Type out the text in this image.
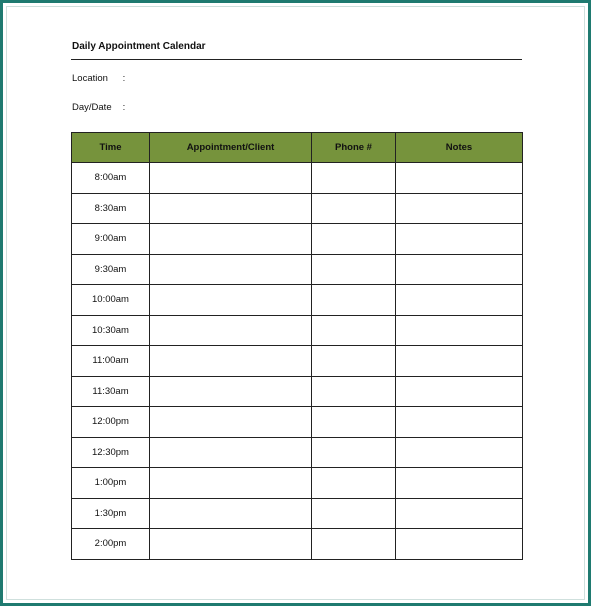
Daily Appointment Calendar
Location :
Day/Date :
Time	Appointment/Client	Phone #	Notes
8:00am			
8:30am			
9:00am			
9:30am			
10:00am			
10:30am			
11:00am			
11:30am			
12:00pm			
12:30pm			
1:00pm			
1:30pm			
2:00pm			
